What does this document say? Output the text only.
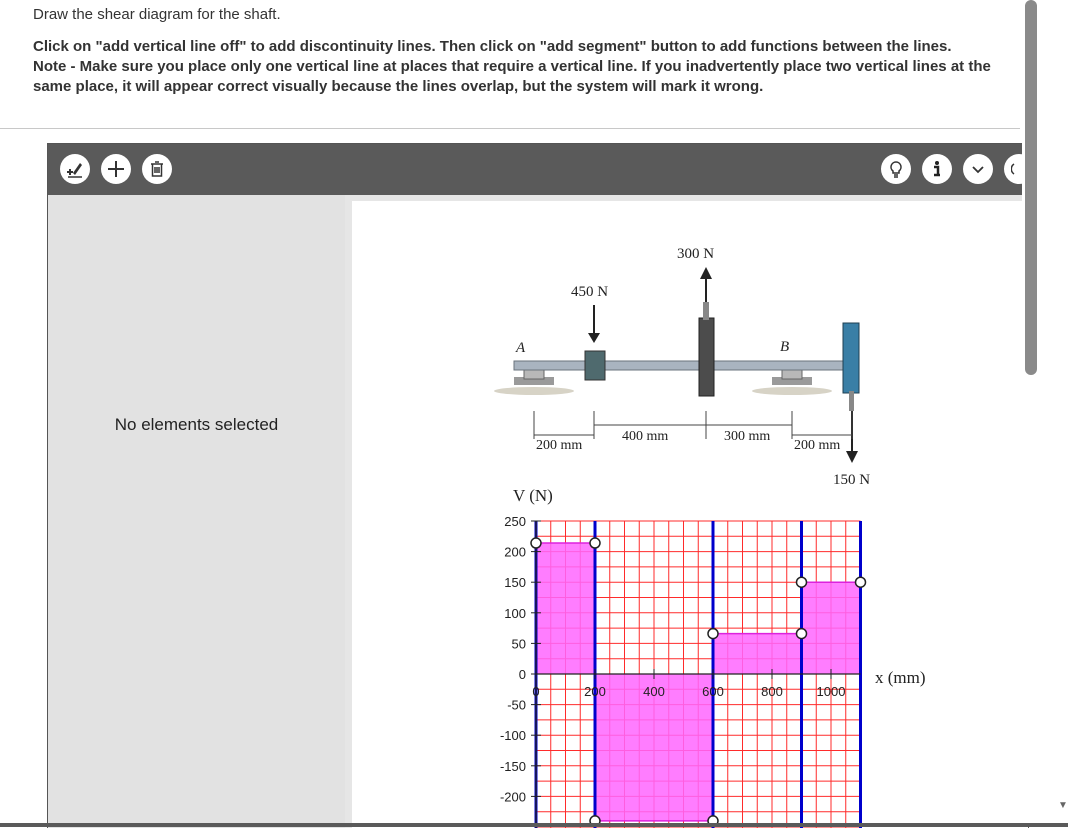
Draw the shear diagram for the shaft.
Click on "add vertical line off" to add discontinuity lines. Then click on "add segment" button to add functions between the lines.
Note - Make sure you place only one vertical line at places that require a vertical line. If you inadvertently place two vertical lines at the same place, it will appear correct visually because the lines overlap, but the system will mark it wrong.
No elements selected
300 N
450 N
150 N
A	B
200 mm
400 mm	300 mm
200 mm
250
200
150
100
50
0
-50
-100
-150
-200
0	200	400	600	800	1000
V (N)
x (mm)
▼
